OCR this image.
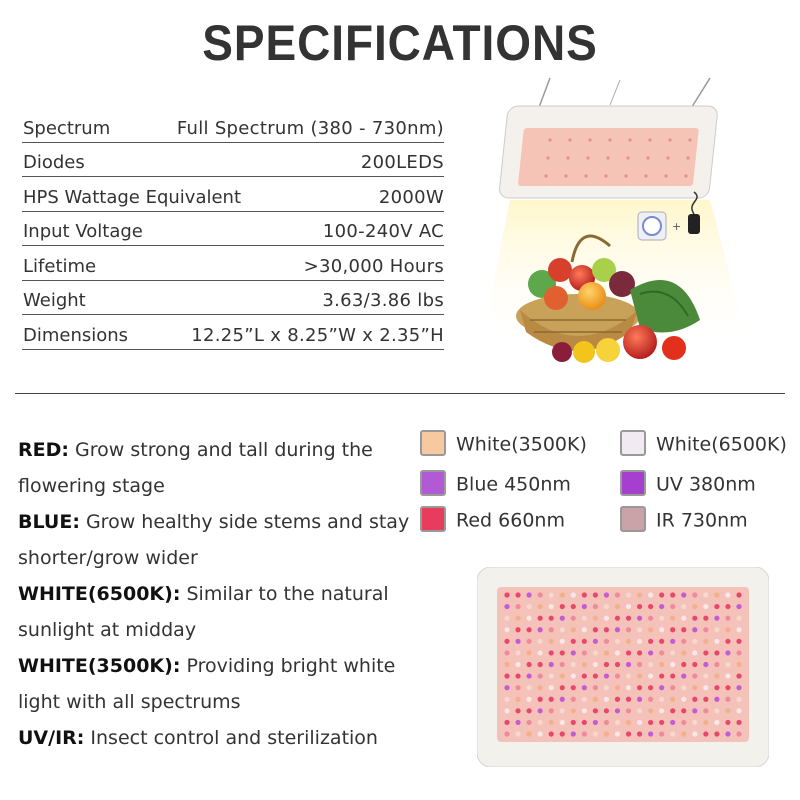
SPECIFICATIONS
Spectrum	Full Spectrum (380 - 730nm)
Diodes	200LEDS
HPS Wattage Equivalent	2000W
Input Voltage	100-240V AC
Lifetime	>30,000 Hours
Weight	3.63/3.86 lbs
Dimensions	12.25”L x 8.25”W x 2.35”H
+
RED: Grow strong and tall during the
flowering stage
BLUE: Grow healthy side stems and stay
shorter/grow wider
WHITE(6500K): Similar to the natural
sunlight at midday
WHITE(3500K): Providing bright white
light with all spectrums
UV/IR: Insect control and sterilization
White(3500K)	White(6500K)
Blue 450nm	UV 380nm
Red 660nm	IR 730nm
